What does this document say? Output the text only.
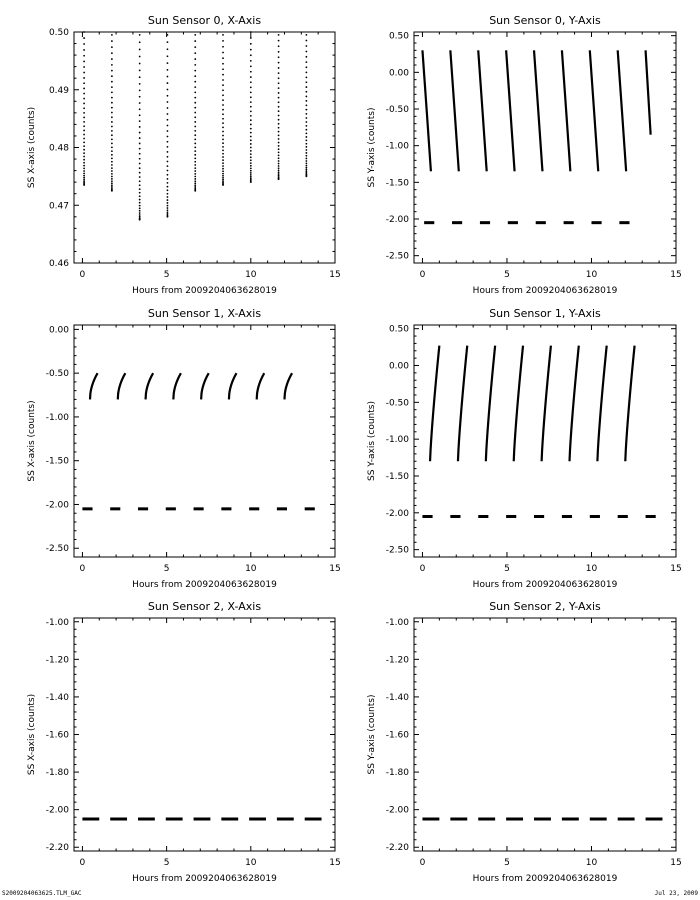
Sun Sensor 0, X-Axis
Hours from 2009204063628019
SS X-axis (counts)
0	5	10	15
0.46
0.47
0.48
0.49
0.50
Sun Sensor 0, Y-Axis
Hours from 2009204063628019
SS Y-axis (counts)
0	5	10	15
-2.50
-2.00
-1.50
-1.00
-0.50
0.00
0.50
Sun Sensor 1, X-Axis
Hours from 2009204063628019
SS X-axis (counts)
0	5	10	15
-2.50
-2.00
-1.50
-1.00
-0.50
0.00
Sun Sensor 1, Y-Axis
Hours from 2009204063628019
SS Y-axis (counts)
0	5	10	15
-2.50
-2.00
-1.50
-1.00
-0.50
0.00
0.50
Sun Sensor 2, X-Axis
Hours from 2009204063628019
SS X-axis (counts)
0	5	10	15
-2.20
-2.00
-1.80
-1.60
-1.40
-1.20
-1.00
Sun Sensor 2, Y-Axis
Hours from 2009204063628019
SS Y-axis (counts)
0	5	10	15
-2.20
-2.00
-1.80
-1.60
-1.40
-1.20
-1.00
S2009204063625.TLM_GAC	Jul 23, 2009
